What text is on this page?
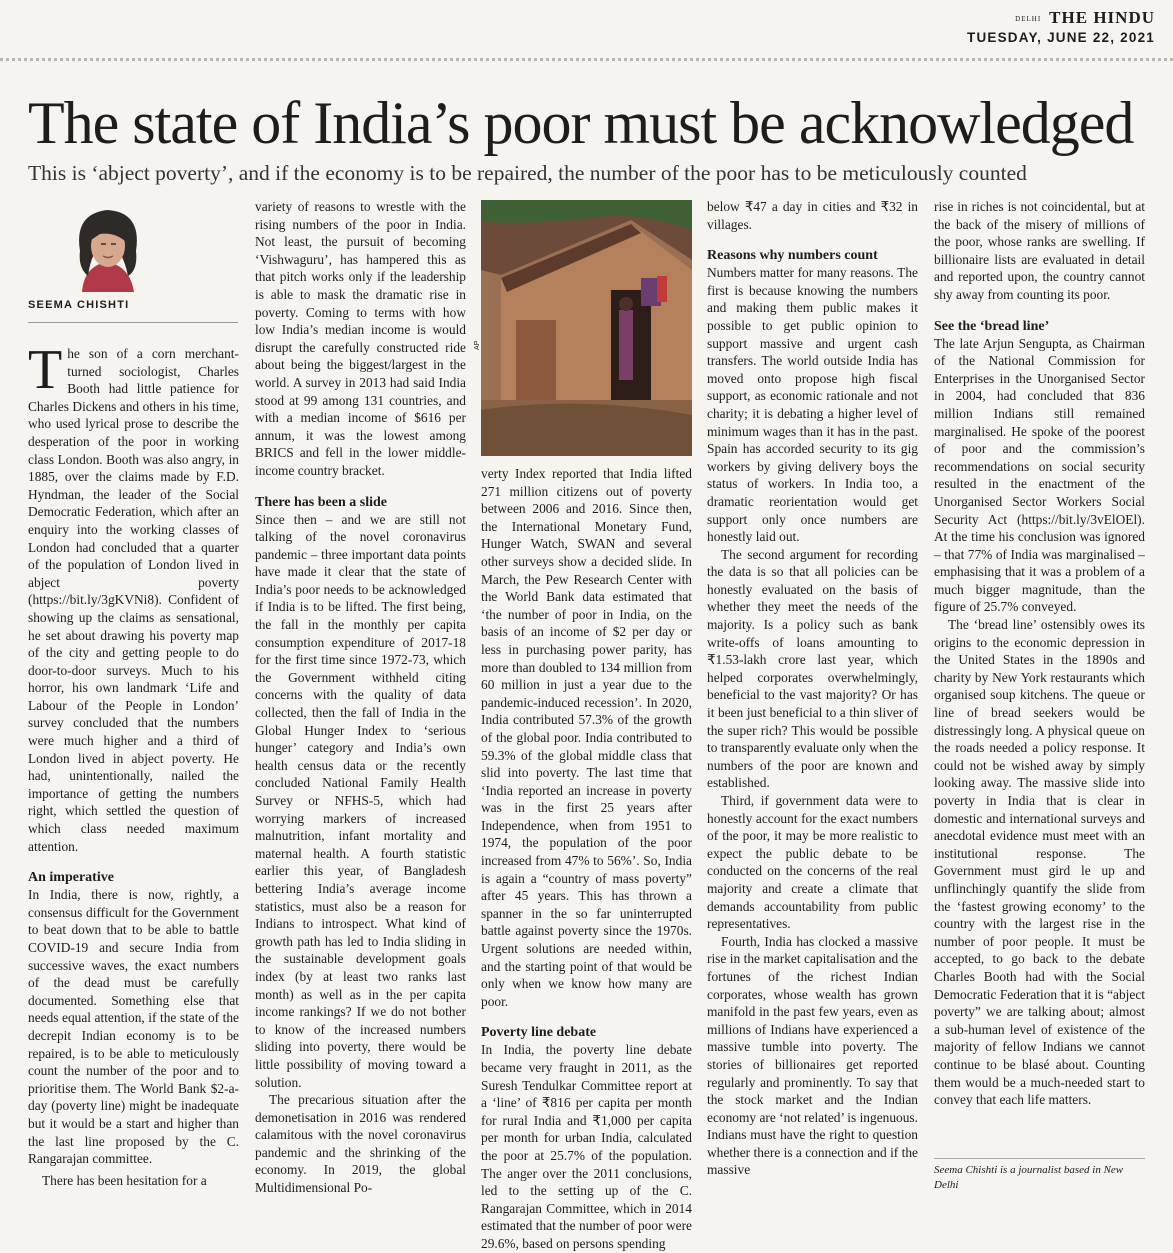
DELHI THE HINDU
TUESDAY, JUNE 22, 2021
The state of India’s poor must be acknowledged

This is ‘abject poverty’, and if the economy is to be repaired, the number of the poor has to be meticulously counted

SEEMA CHISHTI

The son of a corn merchant-turned sociologist, Charles Booth had little patience for Charles Dickens and others in his time, who used lyrical prose to describe the desperation of the poor in working class London. Booth was also angry, in 1885, over the claims made by F.D. Hyndman, the leader of the Social Democratic Federation, which after an enquiry into the working classes of London had concluded that a quarter of the population of London lived in abject poverty (https://bit.ly/3gKVNi8). Confident of showing up the claims as sensational, he set about drawing his poverty map of the city and getting people to do door-to-door surveys. Much to his horror, his own landmark ‘Life and Labour of the People in London’ survey concluded that the numbers were much higher and a third of London lived in abject poverty. He had, unintentionally, nailed the importance of getting the numbers right, which settled the question of which class needed maximum attention.

An imperative

In India, there is now, rightly, a consensus difficult for the Government to beat down that to be able to battle COVID-19 and secure India from successive waves, the exact numbers of the dead must be carefully documented. Something else that needs equal attention, if the state of the decrepit Indian economy is to be repaired, is to be able to meticulously count the number of the poor and to prioritise them. The World Bank $2-a-day (poverty line) might be inadequate but it would be a start and higher than the last line proposed by the C. Rangarajan committee.

There has been hesitation for a

variety of reasons to wrestle with the rising numbers of the poor in India. Not least, the pursuit of becoming ‘Vishwaguru’, has hampered this as that pitch works only if the leadership is able to mask the dramatic rise in poverty. Coming to terms with how low India’s median income is would disrupt the carefully constructed ride about being the biggest/largest in the world. A survey in 2013 had said India stood at 99 among 131 countries, and with a median income of $616 per annum, it was the lowest among BRICS and fell in the lower middle-income country bracket.

There has been a slide

Since then – and we are still not talking of the novel coronavirus pandemic – three important data points have made it clear that the state of India’s poor needs to be acknowledged if India is to be lifted. The first being, the fall in the monthly per capita consumption expenditure of 2017-18 for the first time since 1972-73, which the Government withheld citing concerns with the quality of data collected, then the fall of India in the Global Hunger Index to ‘serious hunger’ category and India’s own health census data or the recently concluded National Family Health Survey or NFHS-5, which had worrying markers of increased malnutrition, infant mortality and maternal health. A fourth statistic earlier this year, of Bangladesh bettering India’s average income statistics, must also be a reason for Indians to introspect. What kind of growth path has led to India sliding in the sustainable development goals index (by at least two ranks last month) as well as in the per capita income rankings? If we do not bother to know of the increased numbers sliding into poverty, there would be little possibility of moving toward a solution.

The precarious situation after the demonetisation in 2016 was rendered calamitous with the novel coronavirus pandemic and the shrinking of the economy. In 2019, the global Multidimensional Po-

AP

verty Index reported that India lifted 271 million citizens out of poverty between 2006 and 2016. Since then, the International Monetary Fund, Hunger Watch, SWAN and several other surveys show a decided slide. In March, the Pew Research Center with the World Bank data estimated that ‘the number of poor in India, on the basis of an income of $2 per day or less in purchasing power parity, has more than doubled to 134 million from 60 million in just a year due to the pandemic-induced recession’. In 2020, India contributed 57.3% of the growth of the global poor. India contributed to 59.3% of the global middle class that slid into poverty. The last time that ‘India reported an increase in poverty was in the first 25 years after Independence, when from 1951 to 1974, the population of the poor increased from 47% to 56%’. So, India is again a “country of mass poverty” after 45 years. This has thrown a spanner in the so far uninterrupted battle against poverty since the 1970s. Urgent solutions are needed within, and the starting point of that would be only when we know how many are poor.

Poverty line debate

In India, the poverty line debate became very fraught in 2011, as the Suresh Tendulkar Committee report at a ‘line’ of ₹816 per capita per month for rural India and ₹1,000 per capita per month for urban India, calculated the poor at 25.7% of the population. The anger over the 2011 conclusions, led to the setting up of the C. Rangarajan Committee, which in 2014 estimated that the number of poor were 29.6%, based on persons spending

below ₹47 a day in cities and ₹32 in villages.

Reasons why numbers count

Numbers matter for many reasons. The first is because knowing the numbers and making them public makes it possible to get public opinion to support massive and urgent cash transfers. The world outside India has moved onto propose high fiscal support, as economic rationale and not charity; it is debating a higher level of minimum wages than it has in the past. Spain has accorded security to its gig workers by giving delivery boys the status of workers. In India too, a dramatic reorientation would get support only once numbers are honestly laid out.

The second argument for recording the data is so that all policies can be honestly evaluated on the basis of whether they meet the needs of the majority. Is a policy such as bank write-offs of loans amounting to ₹1.53-lakh crore last year, which helped corporates overwhelmingly, beneficial to the vast majority? Or has it been just beneficial to a thin sliver of the super rich? This would be possible to transparently evaluate only when the numbers of the poor are known and established.

Third, if government data were to honestly account for the exact numbers of the poor, it may be more realistic to expect the public debate to be conducted on the concerns of the real majority and create a climate that demands accountability from public representatives.

Fourth, India has clocked a massive rise in the market capitalisation and the fortunes of the richest Indian corporates, whose wealth has grown manifold in the past few years, even as millions of Indians have experienced a massive tumble into poverty. The stories of billionaires get reported regularly and prominently. To say that the stock market and the Indian economy are ‘not related’ is ingenuous. Indians must have the right to question whether there is a connection and if the massive

rise in riches is not coincidental, but at the back of the misery of millions of the poor, whose ranks are swelling. If billionaire lists are evaluated in detail and reported upon, the country cannot shy away from counting its poor.

See the ‘bread line’

The late Arjun Sengupta, as Chairman of the National Commission for Enterprises in the Unorganised Sector in 2004, had concluded that 836 million Indians still remained marginalised. He spoke of the poorest of poor and the commission’s recommendations on social security resulted in the enactment of the Unorganised Sector Workers Social Security Act (https://bit.ly/3vElOEl). At the time his conclusion was ignored – that 77% of India was marginalised – emphasising that it was a problem of a much bigger magnitude, than the figure of 25.7% conveyed.

The ‘bread line’ ostensibly owes its origins to the economic depression in the United States in the 1890s and charity by New York restaurants which organised soup kitchens. The queue or line of bread seekers would be distressingly long. A physical queue on the roads needed a policy response. It could not be wished away by simply looking away. The massive slide into poverty in India that is clear in domestic and international surveys and anecdotal evidence must meet with an institutional response. The Government must gird le up and unflinchingly quantify the slide from the ‘fastest growing economy’ to the country with the largest rise in the number of poor people. It must be accepted, to go back to the debate Charles Booth had with the Social Democratic Federation that it is “abject poverty” we are talking about; almost a sub-human level of existence of the majority of fellow Indians we cannot continue to be blasé about. Counting them would be a much-needed start to convey that each life matters.

Seema Chishti is a journalist based in New Delhi
